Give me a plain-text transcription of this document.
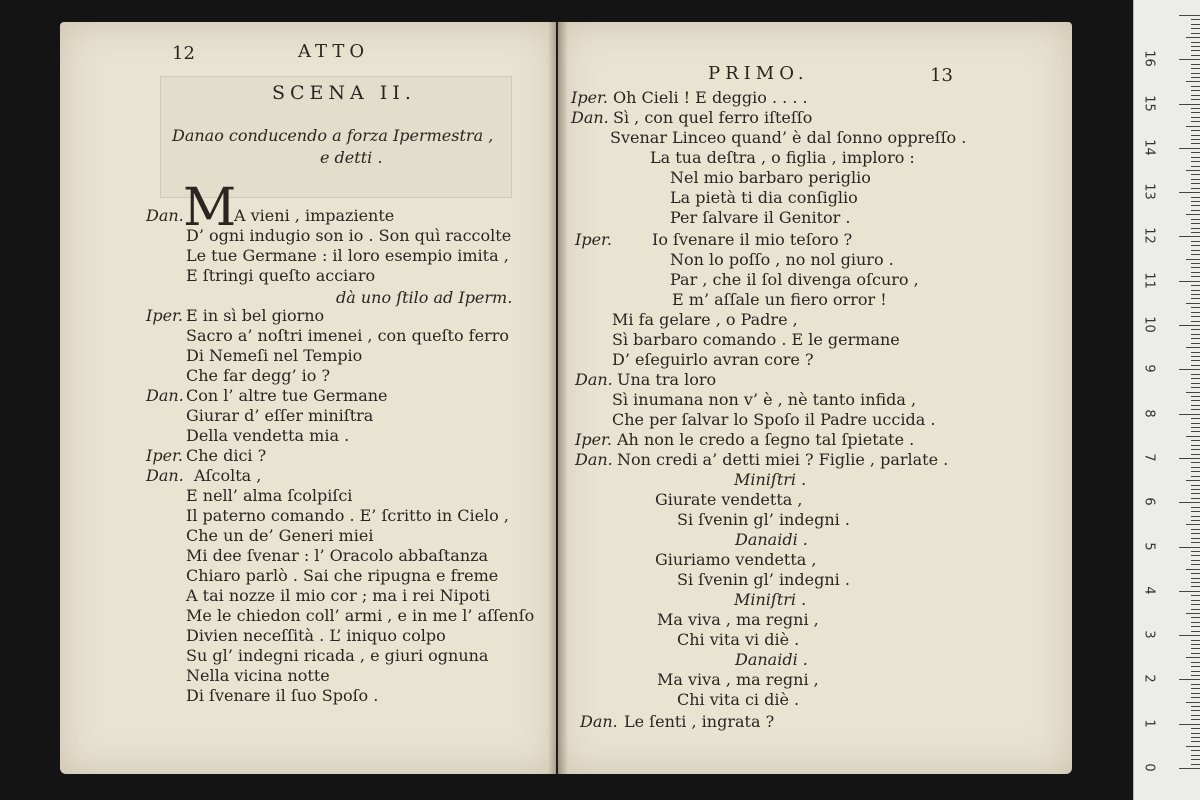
12	ATTO
SCENA II.
Danao conducendo a forza Ipermestra ,
e detti .
M
Dan.	A vieni , impaziente
D’ ogni indugio son io . Son quì raccolte
Le tue Germane : il loro esempio imita ,
E ſtringi queſto acciaro
dà uno ſtilo ad Iperm.
Iper. E in sì bel giorno
Sacro a’ noſtri imenei , con queſto ferro
Di Nemeſi nel Tempio
Che far degg’ io ?
Dan. Con l’ altre tue Germane
Giurar d’ eſſer miniſtra
Della vendetta mia .
Iper. Che dici ?
Dan. Aſcolta ,
E nell’ alma ſcolpiſci
Il paterno comando . E’ ſcritto in Cielo ,
Che un de’ Generi miei
Mi dee ſvenar : l’ Oracolo abbaſtanza
Chiaro parlò . Sai che ripugna e freme
A tai nozze il mio cor ; ma i rei Nipoti
Me le chiedon coll’ armi , e in me l’ aſſenſo
Divien neceſſità . L’ iniquo colpo
Su gl’ indegni ricada , e giuri ognuna
Nella vicina notte
Di ſvenare il ſuo Spoſo .
PRIMO.	13
Iper. Oh Cieli ! E deggio . . . .
Dan. Sì , con quel ferro iſteſſo
Svenar Linceo quand’ è dal ſonno oppreſſo .
La tua deſtra , o figlia , imploro :
Nel mio barbaro periglio
La pietà ti dia conſiglio
Per ſalvare il Genitor .
Iper. Io ſvenare il mio teſoro ?
Non lo poſſo , no nol giuro .
Par , che il ſol divenga oſcuro ,
E m’ aſſale un fiero orror !
Mi fa gelare , o Padre ,
Sì barbaro comando . E le germane
D’ eſeguirlo avran core ?
Dan. Una tra loro
Sì inumana non v’ è , nè tanto infida ,
Che per ſalvar lo Spoſo il Padre uccida .
Iper. Ah non le credo a ſegno tal ſpietate .
Dan. Non credi a’ detti miei ? Figlie , parlate .
Miniſtri .
Giurate vendetta ,
Si ſvenin gl’ indegni .
Danaidi .
Giuriamo vendetta ,
Si ſvenin gl’ indegni .
Miniſtri .
Ma viva , ma regni ,
Chi vita vi diè .
Danaidi .
Ma viva , ma regni ,
Chi vita ci diè .
Dan. Le ſenti , ingrata ?
0
1
2
3
4
5
6
7
8
9
10
11
12
13
14
15
16
